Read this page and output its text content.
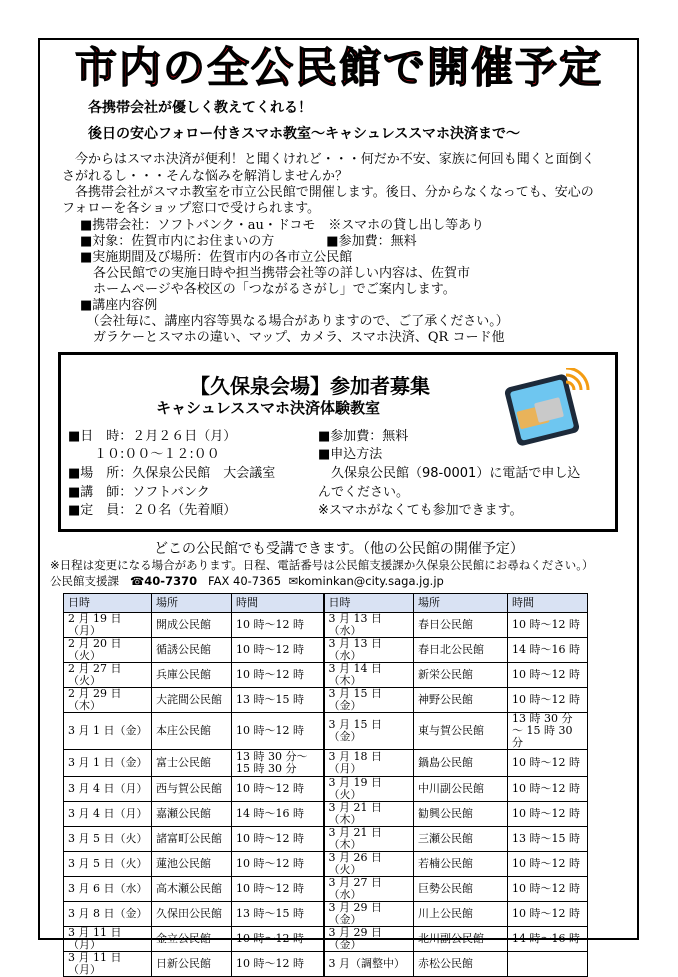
市内の全公民館で開催予定
各携帯会社が優しく教えてくれる！
後日の安心フォロー付きスマホ教室～キャシュレススマホ決済まで～
　今からはスマホ決済が便利！と聞くけれど・・・何だか不安、家族に何回も聞くと面倒く
さがれるし・・・そんな悩みを解消しませんか？
　各携帯会社がスマホ教室を市立公民館で開催します。後日、分からなくなっても、安心の
フォローを各ショップ窓口で受けられます。
■携帯会社：ソフトバンク・au・ドコモ　※スマホの貸し出し等あり
■対象：佐賀市内にお住まいの方　　　　■参加費：無料
■実施期間及び場所：佐賀市内の各市立公民館
　各公民館での実施日時や担当携帯会社等の詳しい内容は、佐賀市
　ホームページや各校区の「つながるさがし」でご案内します。
■講座内容例
　（会社毎に、講座内容等異なる場合がありますので、ご了承ください。）
　ガラケーとスマホの違い、マップ、カメラ、スマホ決済、QR コード他
【久保泉会場】参加者募集
キャシュレススマホ決済体験教室
■日　時：２月２６日（月）
　　１０:００～１２:００
■場　所：久保泉公民館　大会議室
■講　師：ソフトバンク
■定　員：２０名（先着順）
■参加費：無料
■申込方法
　久保泉公民館（98-0001）に電話で申し込
んでください。
※スマホがなくても参加できます。
どこの公民館でも受講できます。（他の公民館の開催予定）
※日程は変更になる場合があります。日程、電話番号は公民館支援課か久保泉公民館にお尋ねください。）
公民館支援課 ☎40-7370 FAX 40-7365 ✉kominkan@city.saga.jg.jp
日時	場所	時間	日時	場所	時間
2 月 19 日（月）	開成公民館	10 時～12 時	3 月 13 日（水）	春日公民館	10 時～12 時
2 月 20 日（火）	循誘公民館	10 時～12 時	3 月 13 日（水）	春日北公民館	14 時～16 時
2 月 27 日（火）	兵庫公民館	10 時～12 時	3 月 14 日（木）	新栄公民館	10 時～12 時
2 月 29 日（木）	大詫間公民館	13 時～15 時	3 月 15 日（金）	神野公民館	10 時～12 時
3 月 1 日（金）	本庄公民館	10 時～12 時	3 月 15 日（金）	東与賀公民館	13 時 30 分～ 15 時 30 分
3 月 1 日（金）	富士公民館	13 時 30 分～ 15 時 30 分	3 月 18 日（月）	鍋島公民館	10 時～12 時
3 月 4 日（月）	西与賀公民館	10 時～12 時	3 月 19 日（火）	中川副公民館	10 時～12 時
3 月 4 日（月）	嘉瀬公民館	14 時～16 時	3 月 21 日（木）	勧興公民館	10 時～12 時
3 月 5 日（火）	諸富町公民館	10 時～12 時	3 月 21 日（木）	三瀬公民館	13 時～15 時
3 月 5 日（火）	蓮池公民館	10 時～12 時	3 月 26 日（火）	若楠公民館	10 時～12 時
3 月 6 日（水）	高木瀬公民館	10 時～12 時	3 月 27 日（水）	巨勢公民館	10 時～12 時
3 月 8 日（金）	久保田公民館	13 時～15 時	3 月 29 日（金）	川上公民館	10 時～12 時
3 月 11 日（月）	金立公民館	10 時～12 時	3 月 29 日（金）	北川副公民館	14 時～16 時
3 月 11 日（月）	日新公民館	10 時～12 時	3 月（調整中）	赤松公民館	
